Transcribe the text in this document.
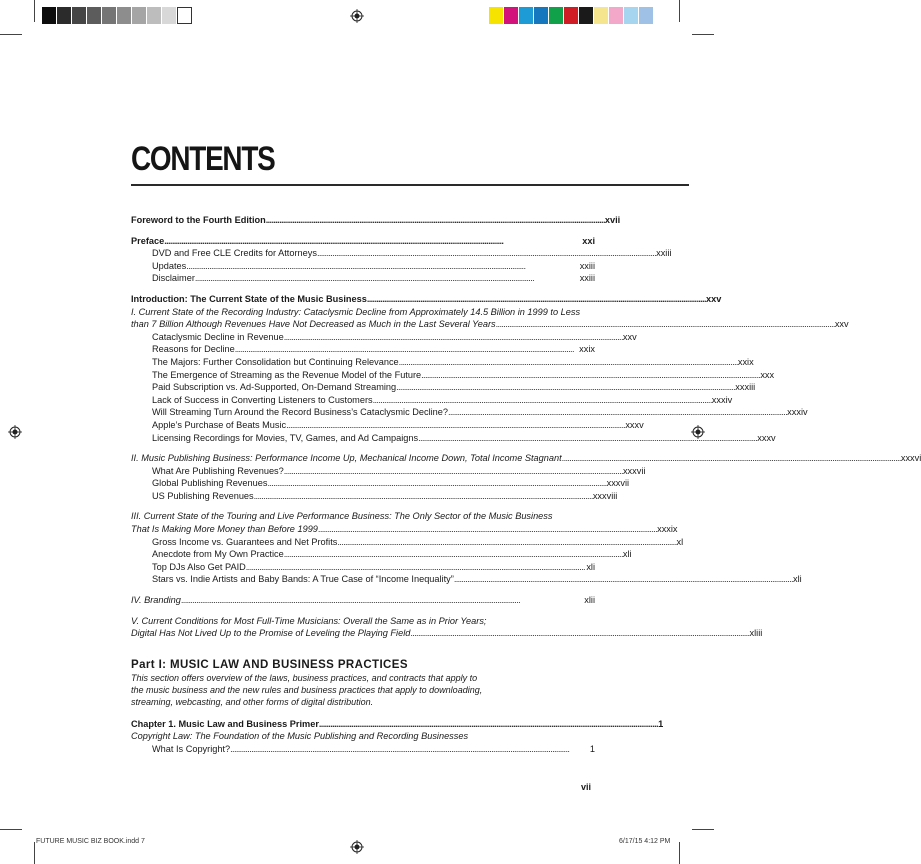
CONTENTS
Foreword to the Fourth Edition . . .	xvii
Preface . . .	xxi
DVD and Free CLE Credits for Attorneys . . .	xxiii
Updates . . .	xxiii
Disclaimer . . .	xxiii
Introduction: The Current State of the Music Business . . .	xxv
I. Current State of the Recording Industry: Cataclysmic Decline from Approximately 14.5 Billion in 1999 to Less
than 7 Billion Although Revenues Have Not Decreased as Much in the Last Several Years . . .	xxv
Cataclysmic Decline in Revenue . . .	xxv
Reasons for Decline . . .	xxix
The Majors: Further Consolidation but Continuing Relevance . . .	xxix
The Emergence of Streaming as the Revenue Model of the Future . . .	xxx
Paid Subscription vs. Ad-Supported, On-Demand Streaming . . .	xxxiii
Lack of Success in Converting Listeners to Customers . . .	xxxiv
Will Streaming Turn Around the Record Business’s Cataclysmic Decline? . . .	xxxiv
Apple’s Purchase of Beats Music . . .	xxxv
Licensing Recordings for Movies, TV, Games, and Ad Campaigns . . .	xxxv
II. Music Publishing Business: Performance Income Up, Mechanical Income Down, Total Income Stagnant . . .	xxxvi
What Are Publishing Revenues? . . .	xxxvii
Global Publishing Revenues . . .	xxxvii
US Publishing Revenues . . .	xxxviii
III. Current State of the Touring and Live Performance Business: The Only Sector of the Music Business
That Is Making More Money than Before 1999 . . .	xxxix
Gross Income vs. Guarantees and Net Profits . . .	xl
Anecdote from My Own Practice . . .	xli
Top DJs Also Get PAID . . .	xli
Stars vs. Indie Artists and Baby Bands: A True Case of “Income Inequality” . . .	xli
IV. Branding . . .	xlii
V. Current Conditions for Most Full-Time Musicians: Overall the Same as in Prior Years;
Digital Has Not Lived Up to the Promise of Leveling the Playing Field . . .	xliii
Part I: MUSIC LAW AND BUSINESS PRACTICES
This section offers overview of the laws, business practices, and contracts that apply to
the music business and the new rules and business practices that apply to downloading,
streaming, webcasting, and other forms of digital distribution.
Chapter 1. Music Law and Business Primer . . .	1
Copyright Law: The Foundation of the Music Publishing and Recording Businesses
What Is Copyright? . . .	1
vii
FUTURE MUSIC BIZ BOOK.indd 7	6/17/15 4:12 PM
